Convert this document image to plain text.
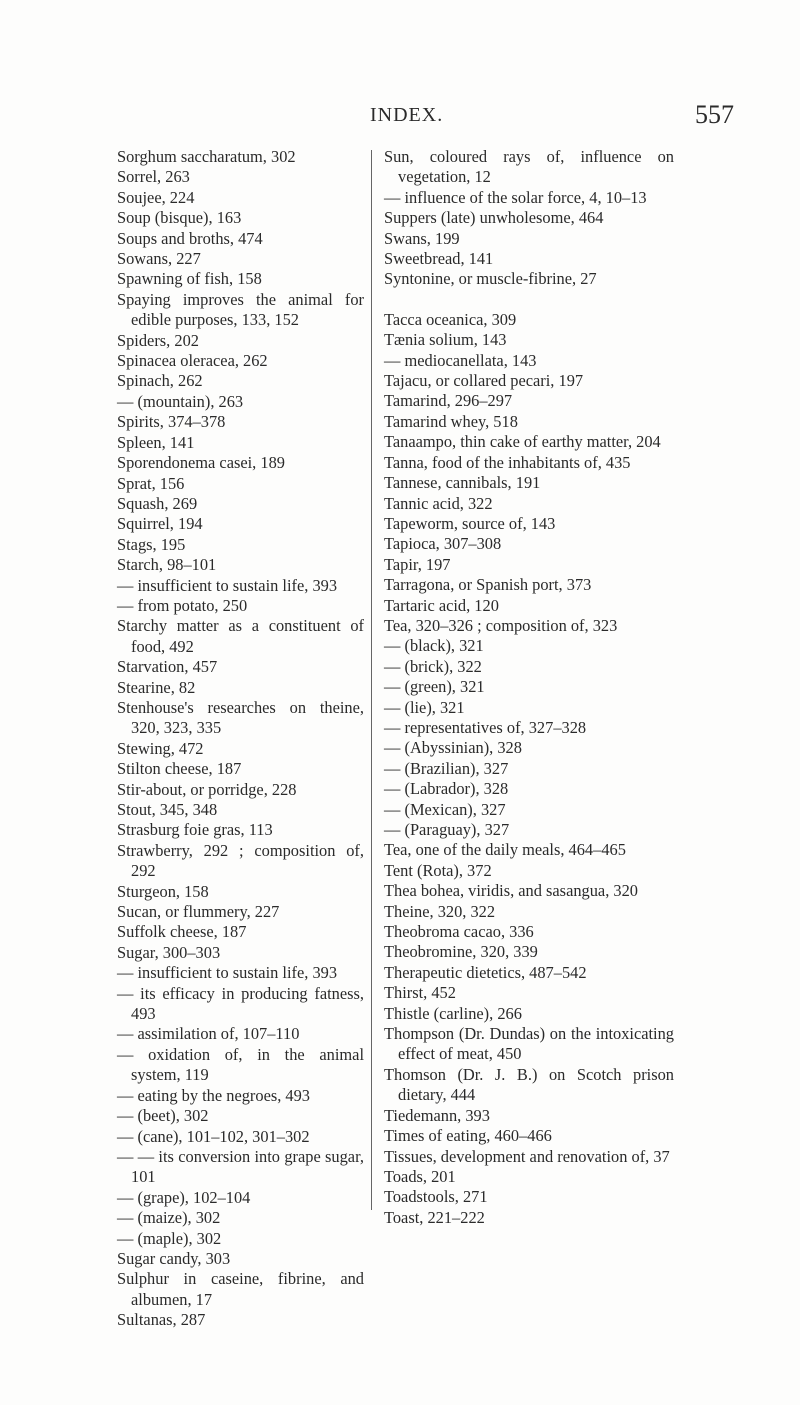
INDEX.	557
Sorghum saccharatum, 302
Sorrel, 263
Soujee, 224
Soup (bisque), 163
Soups and broths, 474
Sowans, 227
Spawning of fish, 158
Spaying improves the animal for edible purposes, 133, 152
Spiders, 202
Spinacea oleracea, 262
Spinach, 262
— (mountain), 263
Spirits, 374–378
Spleen, 141
Sporendonema casei, 189
Sprat, 156
Squash, 269
Squirrel, 194
Stags, 195
Starch, 98–101
— insufficient to sustain life, 393
— from potato, 250
Starchy matter as a constituent of food, 492
Starvation, 457
Stearine, 82
Stenhouse's researches on theine, 320, 323, 335
Stewing, 472
Stilton cheese, 187
Stir-about, or porridge, 228
Stout, 345, 348
Strasburg foie gras, 113
Strawberry, 292 ; composition of, 292
Sturgeon, 158
Sucan, or flummery, 227
Suffolk cheese, 187
Sugar, 300–303
— insufficient to sustain life, 393
— its efficacy in producing fatness, 493
— assimilation of, 107–110
— oxidation of, in the animal system, 119
— eating by the negroes, 493
— (beet), 302
— (cane), 101–102, 301–302
— — its conversion into grape sugar, 101
— (grape), 102–104
— (maize), 302
— (maple), 302
Sugar candy, 303
Sulphur in caseine, fibrine, and albumen, 17
Sultanas, 287
Sun, coloured rays of, influence on vegetation, 12
— influence of the solar force, 4, 10–13
Suppers (late) unwholesome, 464
Swans, 199
Sweetbread, 141
Syntonine, or muscle-fibrine, 27
Tacca oceanica, 309
Tænia solium, 143
— mediocanellata, 143
Tajacu, or collared pecari, 197
Tamarind, 296–297
Tamarind whey, 518
Tanaampo, thin cake of earthy matter, 204
Tanna, food of the inhabitants of, 435
Tannese, cannibals, 191
Tannic acid, 322
Tapeworm, source of, 143
Tapioca, 307–308
Tapir, 197
Tarragona, or Spanish port, 373
Tartaric acid, 120
Tea, 320–326 ; composition of, 323
— (black), 321
— (brick), 322
— (green), 321
— (lie), 321
— representatives of, 327–328
— (Abyssinian), 328
— (Brazilian), 327
— (Labrador), 328
— (Mexican), 327
— (Paraguay), 327
Tea, one of the daily meals, 464–465
Tent (Rota), 372
Thea bohea, viridis, and sasangua, 320
Theine, 320, 322
Theobroma cacao, 336
Theobromine, 320, 339
Therapeutic dietetics, 487–542
Thirst, 452
Thistle (carline), 266
Thompson (Dr. Dundas) on the intoxicating effect of meat, 450
Thomson (Dr. J. B.) on Scotch prison dietary, 444
Tiedemann, 393
Times of eating, 460–466
Tissues, development and renovation of, 37
Toads, 201
Toadstools, 271
Toast, 221–222
